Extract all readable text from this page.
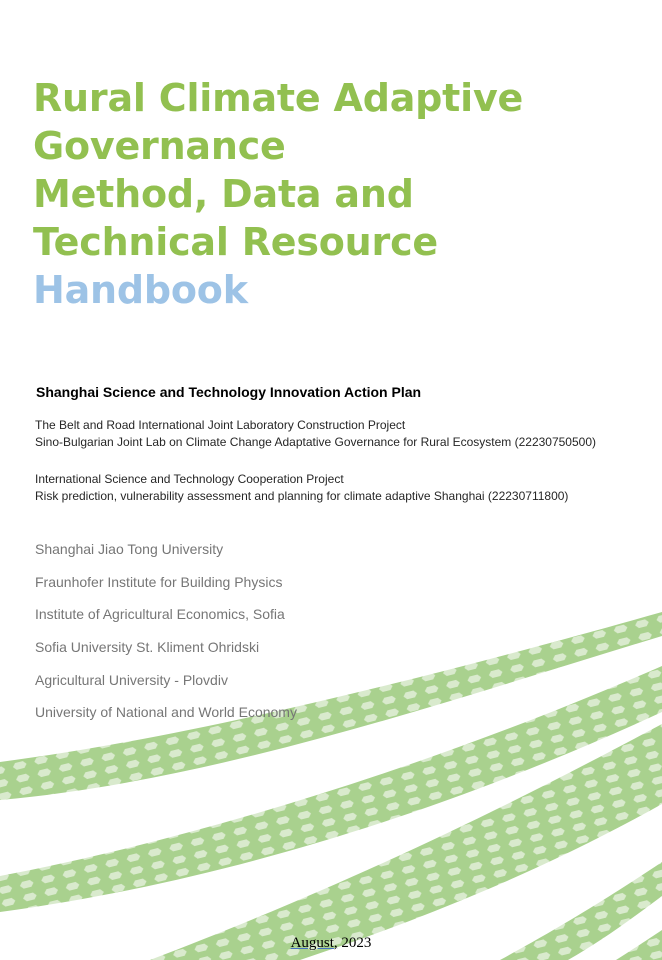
Rural Climate Adaptive
Governance
Method, Data and
Technical Resource
Handbook
Shanghai Science and Technology Innovation Action Plan
The Belt and Road International Joint Laboratory Construction Project
Sino-Bulgarian Joint Lab on Climate Change Adaptative Governance for Rural Ecosystem (22230750500)
International Science and Technology Cooperation Project
Risk prediction, vulnerability assessment and planning for climate adaptive Shanghai (22230711800)
Shanghai Jiao Tong University
Fraunhofer Institute for Building Physics
Institute of Agricultural Economics, Sofia
Sofia University St. Kliment Ohridski
Agricultural University - Plovdiv
University of National and World Economy
August, 2023
